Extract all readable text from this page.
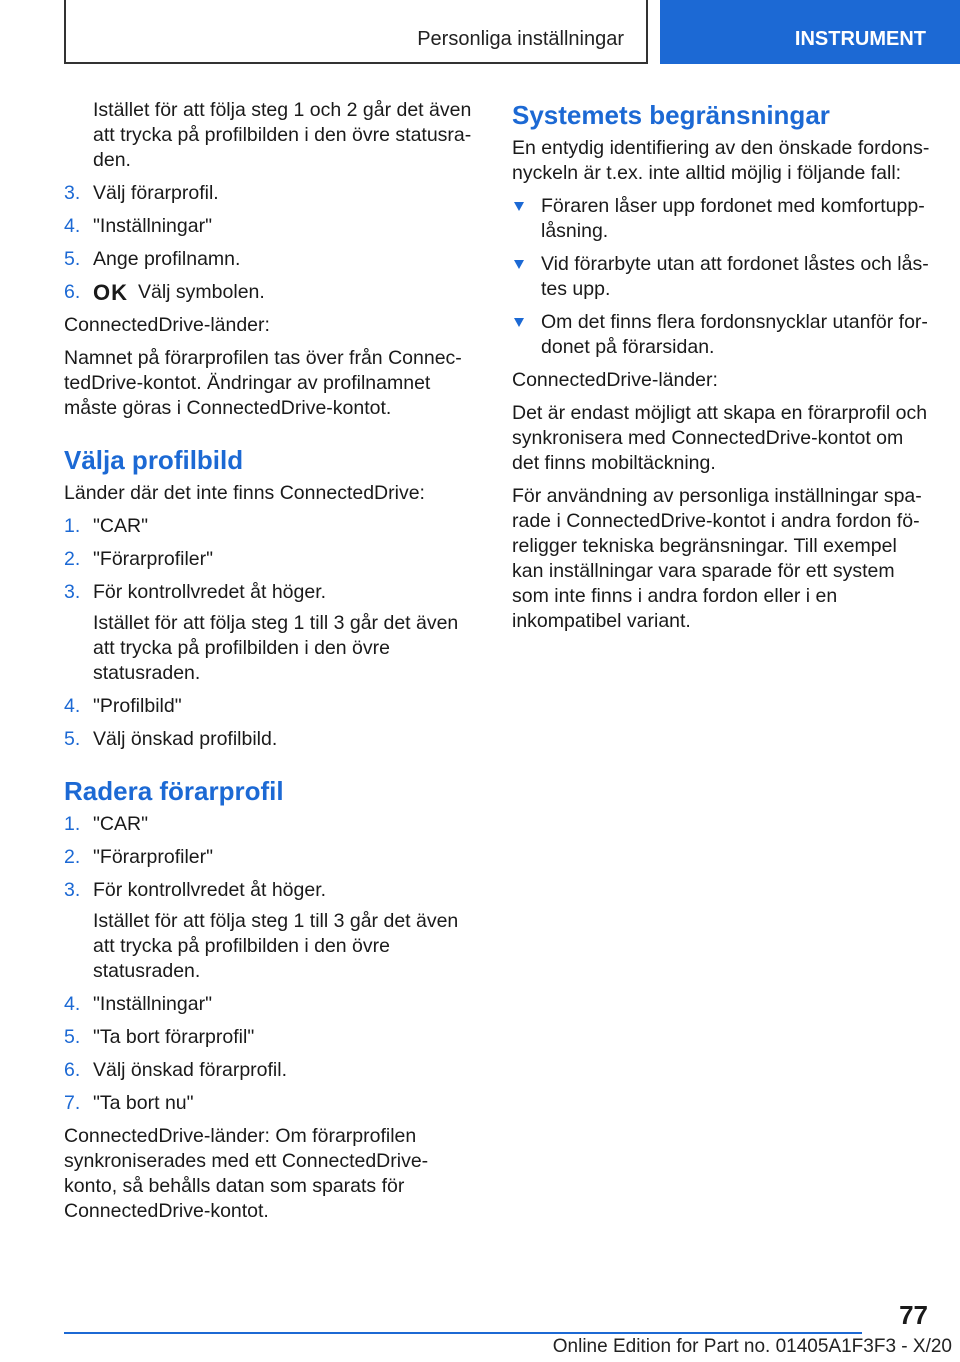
Personliga inställningar	INSTRUMENT

Istället för att följa steg 1 och 2 går det även att trycka på profilbilden i den övre statusraden.

3. Välj förarprofil.
4. "Inställningar"
5. Ange profilnamn.
6. OK Välj symbolen.

ConnectedDrive-länder:

Namnet på förarprofilen tas över från ConnectedDrive-kontot. Ändringar av profilnamnet måste göras i ConnectedDrive-kontot.

Välja profilbild

Länder där det inte finns ConnectedDrive:

1. "CAR"
2. "Förarprofiler"
3. För kontrollvredet åt höger.

Istället för att följa steg 1 till 3 går det även att trycka på profilbilden i den övre statusraden.

4. "Profilbild"
5. Välj önskad profilbild.
Radera förarprofil
1. "CAR"
2. "Förarprofiler"
3. För kontrollvredet åt höger.

Istället för att följa steg 1 till 3 går det även att trycka på profilbilden i den övre statusraden.

4. "Inställningar"
5. "Ta bort förarprofil"
6. Välj önskad förarprofil.
7. "Ta bort nu"

ConnectedDrive-länder: Om förarprofilen synkroniserades med ett ConnectedDrive-konto, så behålls datan som sparats för ConnectedDrive-kontot.

Systemets begränsningar

En entydig identifiering av den önskade fordonsnyckeln är t.ex. inte alltid möjlig i följande fall:

Föraren låser upp fordonet med komfortupplåsning.
Vid förarbyte utan att fordonet låstes och låstes upp.
Om det finns flera fordonsnycklar utanför fordonet på förarsidan.

ConnectedDrive-länder:

Det är endast möjligt att skapa en förarprofil och synkronisera med ConnectedDrive-kontot om det finns mobiltäckning.

För användning av personliga inställningar sparade i ConnectedDrive-kontot i andra fordon föreligger tekniska begränsningar. Till exempel kan inställningar vara sparade för ett system som inte finns i andra fordon eller i en inkompatibel variant.

77
Online Edition for Part no. 01405A1F3F3 - X/20
